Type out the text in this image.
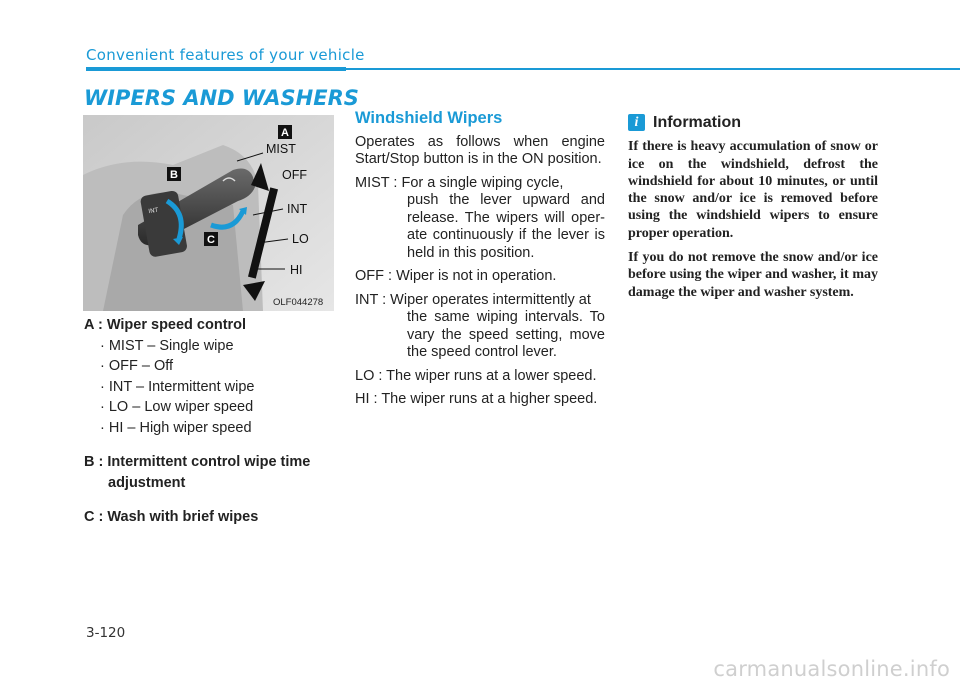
Convenient features of your vehicle
WIPERS AND WASHERS
INT
A
B
C
MIST
OFF
INT
LO
HI
OLF044278
A : Wiper speed control
· MIST – Single wipe
· OFF – Off
· INT – Intermittent wipe
· LO – Low wiper speed
· HI – High wiper speed
B : Intermittent control wipe time
adjustment
C : Wash with brief wipes
Windshield Wipers

Operates as follows when engine Start/Stop button is in the ON position.

MIST : For a single wiping cycle,
push the lever upward and release. The wipers will oper-ate continuously if the lever is held in this position.
OFF : Wiper is not in operation.
INT : Wiper operates intermittently at
the same wiping intervals. To vary the speed setting, move the speed control lever.
LO : The wiper runs at a lower speed.
HI : The wiper runs at a higher speed.
i Information

If there is heavy accumulation of snow or ice on the windshield, defrost the windshield for about 10 minutes, or until the snow and/or ice is removed before using the windshield wipers to ensure proper operation.

If you do not remove the snow and/or ice before using the wiper and washer, it may damage the wiper and washer system.

3-120
carmanualsonline.info
